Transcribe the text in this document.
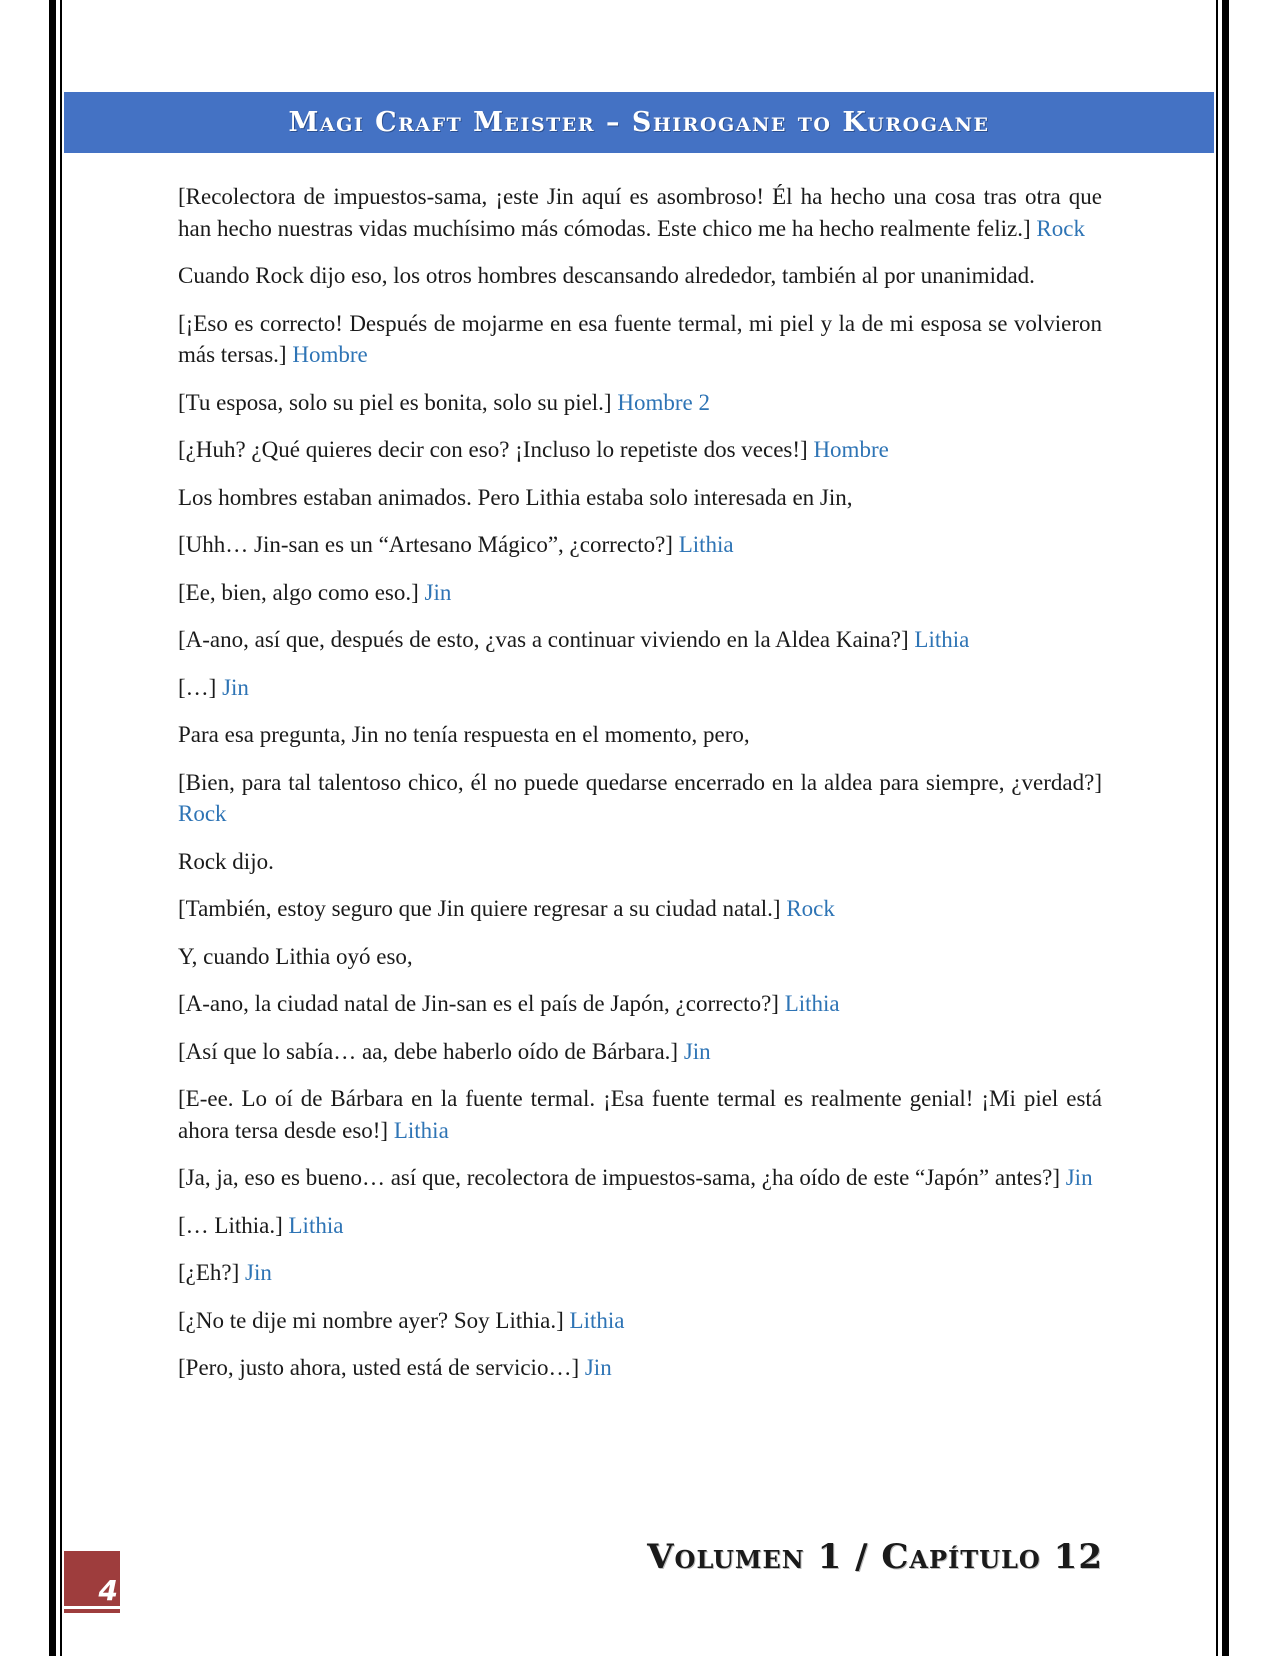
Magi Craft Meister – Shirogane to Kurogane

[Recolectora de impuestos-sama, ¡este Jin aquí es asombroso! Él ha hecho una cosa tras otra que han hecho nuestras vidas muchísimo más cómodas. Este chico me ha hecho realmente feliz.] Rock

Cuando Rock dijo eso, los otros hombres descansando alrededor, también al por unanimidad.

[¡Eso es correcto! Después de mojarme en esa fuente termal, mi piel y la de mi esposa se volvieron más tersas.] Hombre

[Tu esposa, solo su piel es bonita, solo su piel.] Hombre 2

[¿Huh? ¿Qué quieres decir con eso? ¡Incluso lo repetiste dos veces!] Hombre

Los hombres estaban animados. Pero Lithia estaba solo interesada en Jin,

[Uhh… Jin-san es un “Artesano Mágico”, ¿correcto?] Lithia

[Ee, bien, algo como eso.] Jin

[A-ano, así que, después de esto, ¿vas a continuar viviendo en la Aldea Kaina?] Lithia

[…] Jin

Para esa pregunta, Jin no tenía respuesta en el momento, pero,

[Bien, para tal talentoso chico, él no puede quedarse encerrado en la aldea para siempre, ¿verdad?] Rock

Rock dijo.

[También, estoy seguro que Jin quiere regresar a su ciudad natal.] Rock

Y, cuando Lithia oyó eso,

[A-ano, la ciudad natal de Jin-san es el país de Japón, ¿correcto?] Lithia

[Así que lo sabía… aa, debe haberlo oído de Bárbara.] Jin

[E-ee. Lo oí de Bárbara en la fuente termal. ¡Esa fuente termal es realmente genial! ¡Mi piel está ahora tersa desde eso!] Lithia

[Ja, ja, eso es bueno… así que, recolectora de impuestos-sama, ¿ha oído de este “Japón” antes?] Jin

[… Lithia.] Lithia

[¿Eh?] Jin

[¿No te dije mi nombre ayer? Soy Lithia.] Lithia

[Pero, justo ahora, usted está de servicio…] Jin

Volumen 1 / Capítulo 12
4
